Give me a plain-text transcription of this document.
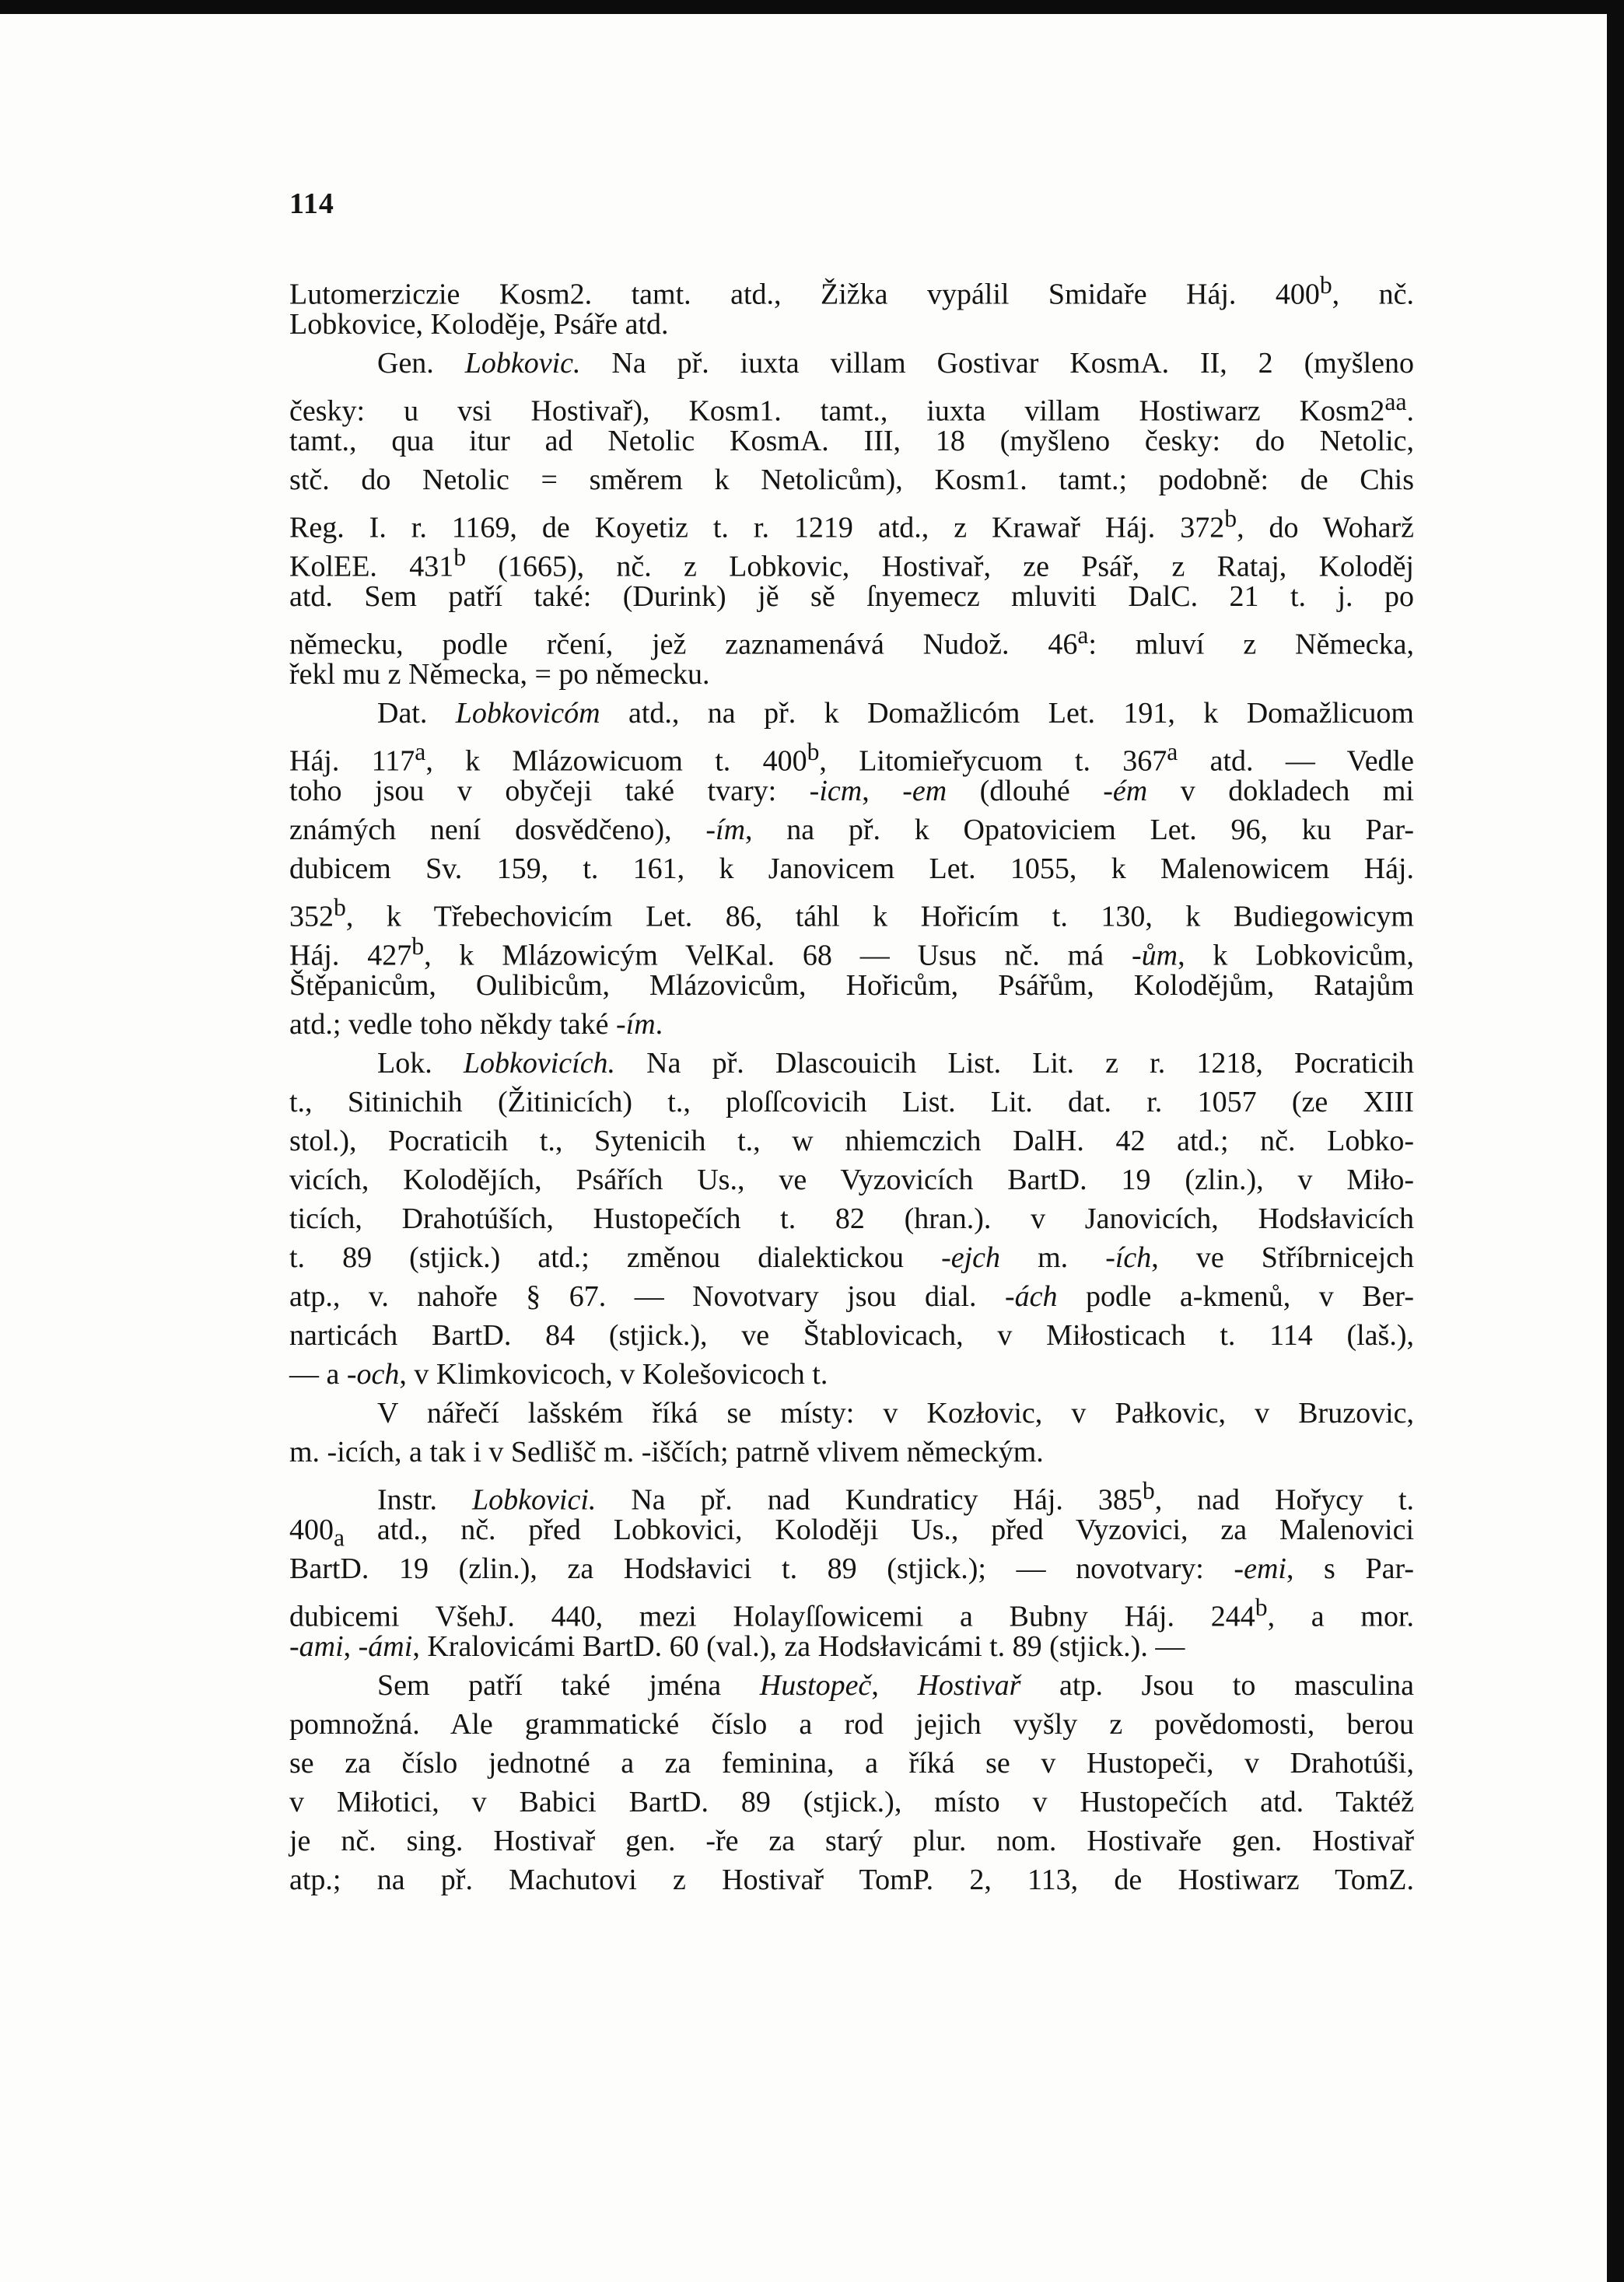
114

Lutomerziczie Kosm2. tamt. atd., Žižka vypálil Smidaře Háj. 400$^b$, nč.
Lobkovice, Koloděje, Psáře atd.
Gen. Lobkovic. Na př. iuxta villam Gostivar KosmA. II, 2 (myšleno
česky: u vsi Hostivař), Kosm1. tamt., iuxta villam Hostiwarz $Kosm2^{aa}$.
tamt., qua itur ad Netolic KosmA. III, 18 (myšleno česky: do Netolic,
stč. do Netolic = směrem k Netolicům), Kosm1. tamt.; podobně: de Chis
Reg. I. r. 1169, de Koyetiz t. r. 1219 atd., z Krawař Háj. 372$^b$, do Woharž
KolEE. 431$^b$ (1665), nč. z Lobkovic, Hostivař, ze Psář, z Rataj, Koloděj
atd. Sem patří také: (Durink) jě sě ſnyemecz mluviti DalC. 21 t. j. po
německu, podle rčení, jež zaznamenává Nudož. 46$^a$: mluví z Německa,
řekl mu z Německa, = po německu.
Dat. Lobkovicóm atd., na př. k Domažlicóm Let. 191, k Domažlicuom
Háj. 117$^a$, k Mlázowicuom t. 400$^b$, Litomieřycuom t. 367$^a$ atd. — Vedle
toho jsou v obyčeji také tvary: -icm, -em (dlouhé -ém v dokladech mi
známých není dosvědčeno), -ím, na př. k Opatoviciem Let. 96, ku Par-
dubicem Sv. 159, t. 161, k Janovicem Let. 1055, k Malenowicem Háj.
352$^b$, k Třebechovicím Let. 86, táhl k Hořicím t. 130, k Budiegowicym
Háj. 427$^b$, k Mlázowicým VelKal. 68 — Usus nč. má -ům, k Lobkovicům,
Štěpanicům, Oulibicům, Mlázovicům, Hořicům, Psářům, Kolodějům, Ratajům
atd.; vedle toho někdy také -ím.
Lok. Lobkovicích. Na př. Dlascouicih List. Lit. z r. 1218, Pocraticih
t., Sitinichih (Žitinicích) t., ploſſcovicih List. Lit. dat. r. 1057 (ze XIII
stol.), Pocraticih t., Sytenicih t., w nhiemczich DalH. 42 atd.; nč. Lobko-
vicích, Kolodějích, Psářích Us., ve Vyzovicích BartD. 19 (zlin.), v Miło-
ticích, Drahotúších, Hustopečích t. 82 (hran.). v Janovicích, Hodsłavicích
t. 89 (stjick.) atd.; změnou dialektickou -ejch m. -ích, ve Stříbrnicejch
atp., v. nahoře § 67. — Novotvary jsou dial. -ách podle a-kmenů, v Ber-
narticách BartD. 84 (stjick.), ve Štablovicach, v Miłosticach t. 114 (laš.),
— a -och, v Klimkovicoch, v Kolešovicoch t.
V nářečí lašském říká se místy: v Kozłovic, v Pałkovic, v Bruzovic,
m. -icích, a tak i v Sedlišč m. -iščích; patrně vlivem německým.
Instr. Lobkovici. Na př. nad Kundraticy Háj. 385$^b$, nad Hořycy t.
$400_a$ atd., nč. před Lobkovici, Koloději Us., před Vyzovici, za Malenovici
BartD. 19 (zlin.), za Hodsłavici t. 89 (stjick.); — novotvary: -emi, s Par-
dubicemi VšehJ. 440, mezi Holayſſowicemi a Bubny Háj. 244$^b$, a mor.
-ami, -ámi, Kralovicámi BartD. 60 (val.), za Hodsłavicámi t. 89 (stjick.). —
Sem patří také jména Hustopeč, Hostivař atp. Jsou to masculina
pomnožná. Ale grammatické číslo a rod jejich vyšly z povědomosti, berou
se za číslo jednotné a za feminina, a říká se v Hustopeči, v Drahotúši,
v Miłotici, v Babici BartD. 89 (stjick.), místo v Hustopečích atd. Taktéž
je nč. sing. Hostivař gen. -ře za starý plur. nom. Hostivaře gen. Hostivař
atp.; na př. Machutovi z Hostivař TomP. 2, 113, de Hostiwarz TomZ.
